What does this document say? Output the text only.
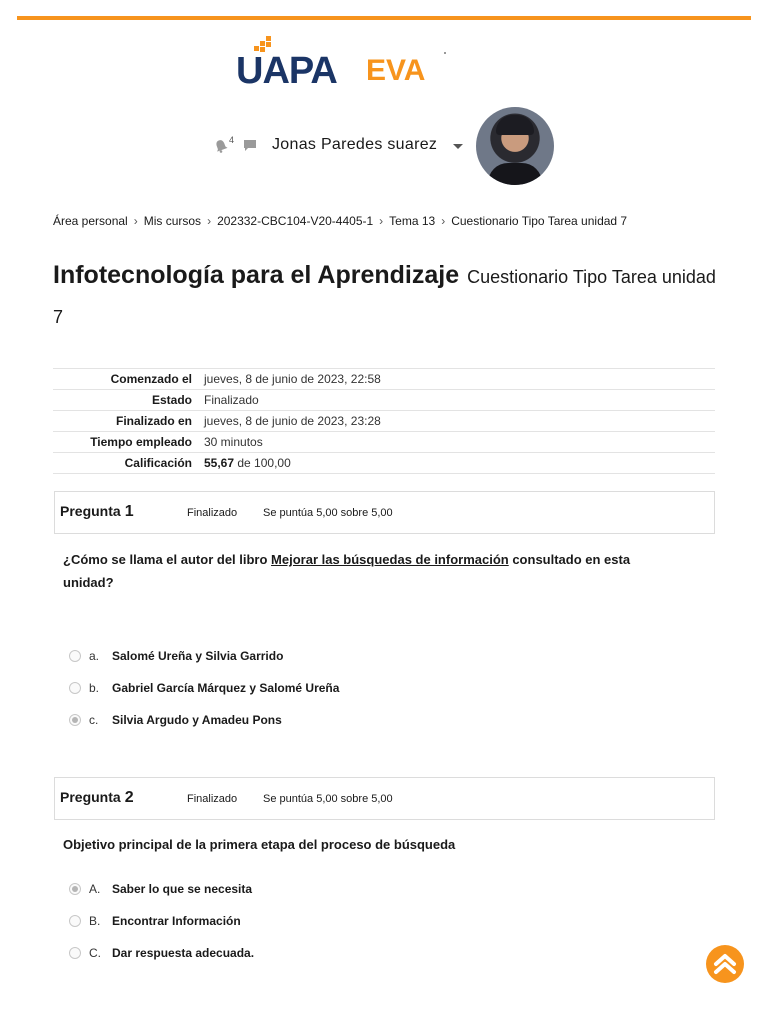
UAPA EVA
4 Jonas Paredes suarez
Área personal › Mis cursos › 202332-CBC104-V20-4405-1 › Tema 13 › Cuestionario Tipo Tarea unidad 7
Infotecnología para el Aprendizaje Cuestionario Tipo Tarea unidad 7
Comenzado el	jueves, 8 de junio de 2023, 22:58
Estado	Finalizado
Finalizado en	jueves, 8 de junio de 2023, 23:28
Tiempo empleado	30 minutos
Calificación	55,67 de 100,00
Pregunta 1	Finalizado Se puntúa 5,00 sobre 5,00
¿Cómo se llama el autor del libro Mejorar las búsquedas de información consultado en esta unidad?
a. Salomé Ureña y Silvia Garrido
b. Gabriel García Márquez y Salomé Ureña
c. Silvia Argudo y Amadeu Pons
Pregunta 2	Finalizado Se puntúa 5,00 sobre 5,00
Objetivo principal de la primera etapa del proceso de búsqueda
A. Saber lo que se necesita
B. Encontrar Información
C. Dar respuesta adecuada.
